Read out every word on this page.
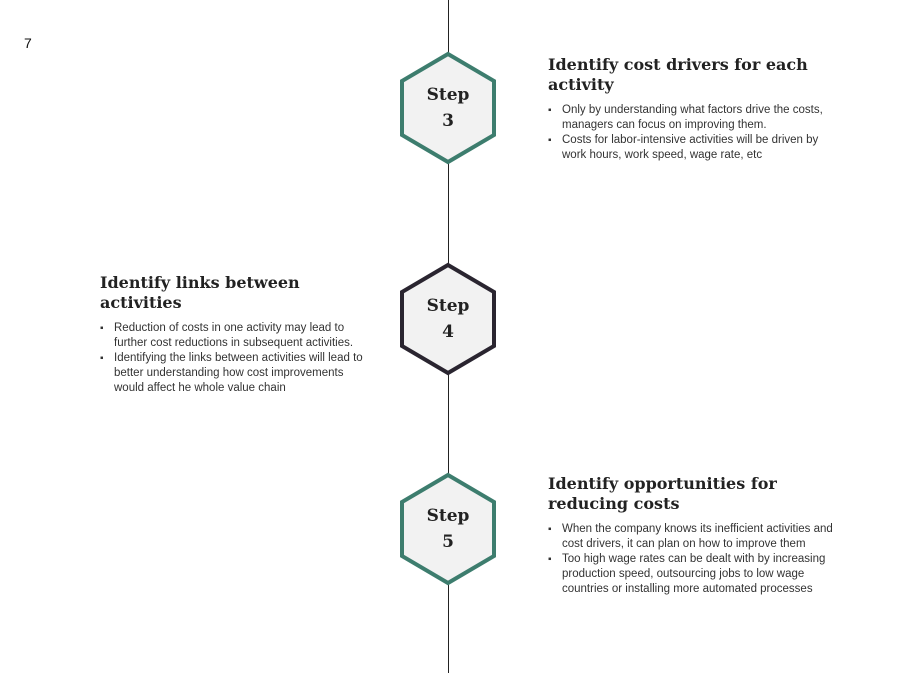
7
Step
3
Identify cost drivers for each activity
▪ Only by understanding what factors drive the costs, managers can focus on improving them.
▪ Costs for labor-intensive activities will be driven by work hours, work speed, wage rate, etc
Step
4
Identify links between activities
▪ Reduction of costs in one activity may lead to further cost reductions in subsequent activities.
▪ Identifying the links between activities will lead to better understanding how cost improvements would affect he whole value chain
Step
5
Identify opportunities for reducing costs
▪ When the company knows its inefficient activities and cost drivers, it can plan on how to improve them
▪ Too high wage rates can be dealt with by increasing production speed, outsourcing jobs to low wage countries or installing more automated processes
